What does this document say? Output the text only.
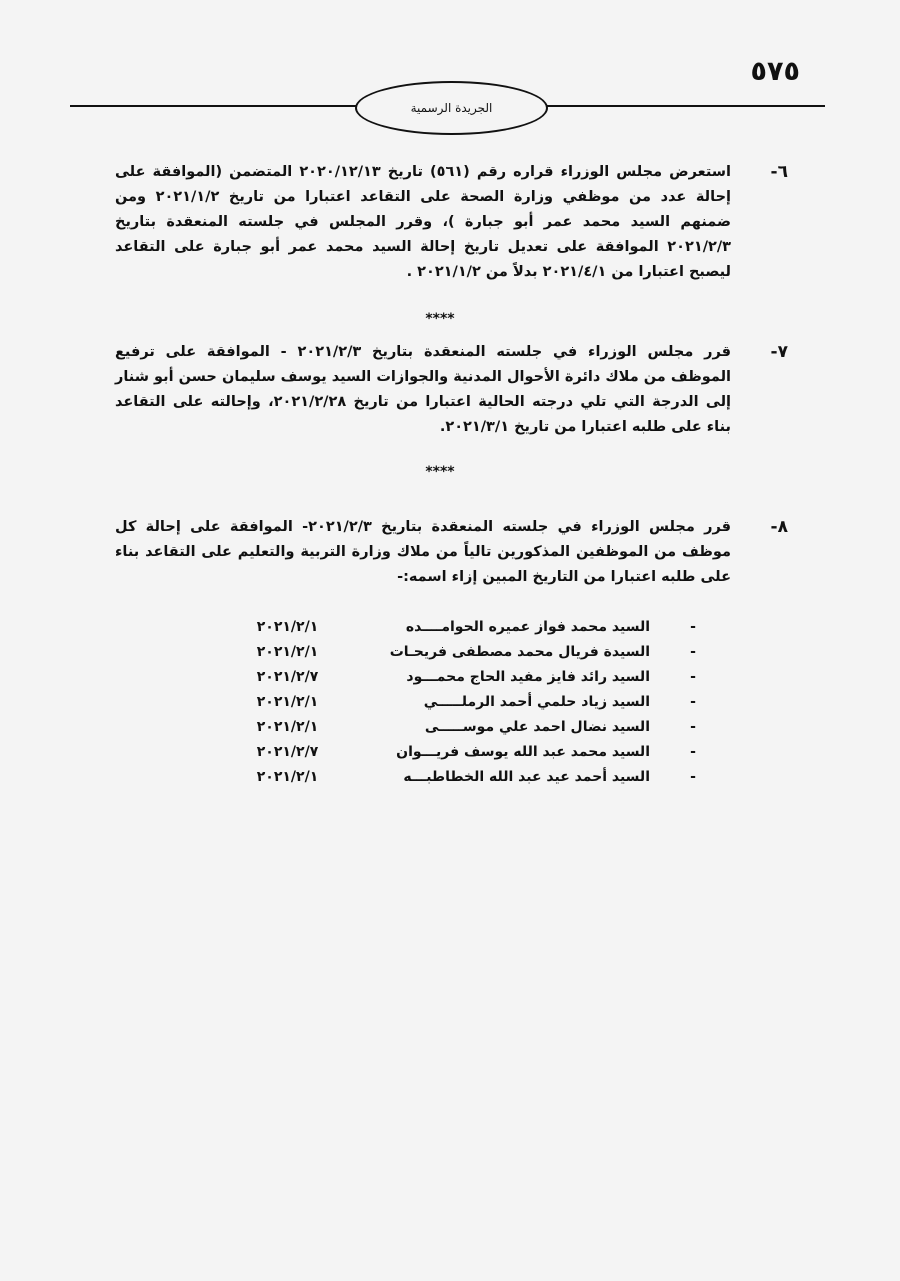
٥٧٥
الجريدة الرسمية
٦-
استعرض مجلس الوزراء قراره رقم (٥٦١) تاريخ ٢٠٢٠/١٢/١٣ المتضمن (الموافقة على إحالة عدد من موظفي وزارة الصحة على التقاعد اعتبارا من تاريخ ٢٠٢١/١/٢ ومن ضمنهم السيد محمد عمر أبو جبارة )، وقرر المجلس في جلسته المنعقدة بتاريخ ٢٠٢١/٢/٣ الموافقة على تعديل تاريخ إحالة السيد محمد عمر أبو جبارة على التقاعد ليصبح اعتبارا من ٢٠٢١/٤/١ بدلاً من ٢٠٢١/١/٢ .
****
٧-
قرر مجلس الوزراء في جلسته المنعقدة بتاريخ ٢٠٢١/٢/٣ - الموافقة على ترفيع الموظف من ملاك دائرة الأحوال المدنية والجوازات السيد يوسف سليمان حسن أبو شنار إلى الدرجة التي تلي درجته الحالية اعتبارا من تاريخ ٢٠٢١/٢/٢٨، وإحالته على التقاعد بناء على طلبه اعتبارا من تاريخ ٢٠٢١/٣/١.
****
٨-
قرر مجلس الوزراء في جلسته المنعقدة بتاريخ ٢٠٢١/٢/٣- الموافقة على إحالة كل موظف من الموظفين المذكورين تالياً من ملاك وزارة التربية والتعليم على التقاعد بناء على طلبه اعتبارا من التاريخ المبين إزاء اسمه:-
-
السيد محمد فواز عميره الحوامــــده
٢٠٢١/٢/١
-
السيدة فريال محمد مصطفى فريحـات
٢٠٢١/٢/١
-
السيد رائد فايز مفيد الحاج محمـــود
٢٠٢١/٢/٧
-
السيد زياد حلمي أحمد الرملـــــي
٢٠٢١/٢/١
-
السيد نضال احمد علي موســـــى
٢٠٢١/٢/١
-
السيد محمد عبد الله يوسف فريـــوان
٢٠٢١/٢/٧
-
السيد أحمد عيد عبد الله الخطاطبـــه
٢٠٢١/٢/١
